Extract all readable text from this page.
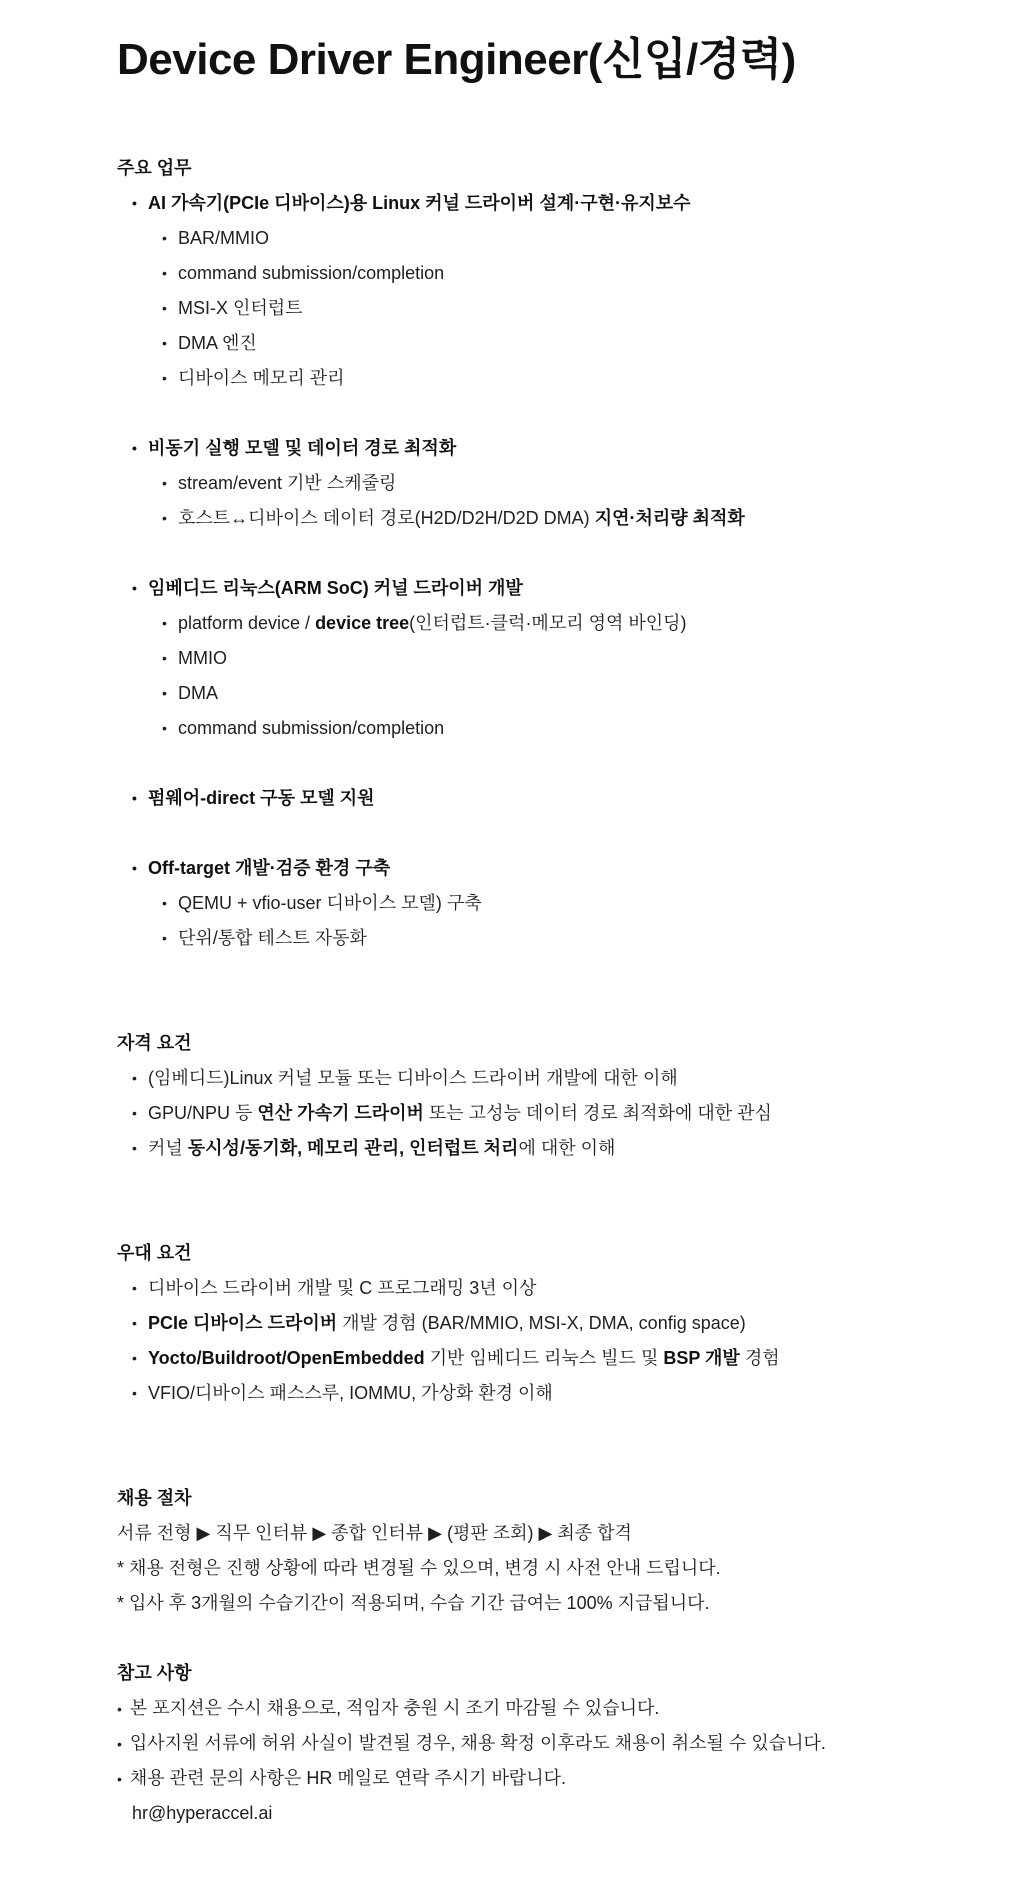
Device Driver Engineer(신입/경력)
주요 업무
• AI 가속기(PCIe 디바이스)용 Linux 커널 드라이버 설계·구현·유지보수
• BAR/MMIO
• command submission/completion
• MSI-X 인터럽트
• DMA 엔진
• 디바이스 메모리 관리
• 비동기 실행 모델 및 데이터 경로 최적화
• stream/event 기반 스케줄링
• 호스트↔디바이스 데이터 경로(H2D/D2H/D2D DMA) 지연·처리량 최적화
• 임베디드 리눅스(ARM SoC) 커널 드라이버 개발
• platform device / device tree(인터럽트·클럭·메모리 영역 바인딩)
• MMIO
• DMA
• command submission/completion
• 펌웨어-direct 구동 모델 지원
• Off-target 개발·검증 환경 구축
• QEMU + vfio-user 디바이스 모델) 구축
• 단위/통합 테스트 자동화
자격 요건
• (임베디드)Linux 커널 모듈 또는 디바이스 드라이버 개발에 대한 이해
• GPU/NPU 등 연산 가속기 드라이버 또는 고성능 데이터 경로 최적화에 대한 관심
• 커널 동시성/동기화, 메모리 관리, 인터럽트 처리에 대한 이해
우대 요건
• 디바이스 드라이버 개발 및 C 프로그래밍 3년 이상
• PCIe 디바이스 드라이버 개발 경험 (BAR/MMIO, MSI-X, DMA, config space)
• Yocto/Buildroot/OpenEmbedded 기반 임베디드 리눅스 빌드 및 BSP 개발 경험
• VFIO/디바이스 패스스루, IOMMU, 가상화 환경 이해
채용 절차
서류 전형 ▶ 직무 인터뷰 ▶ 종합 인터뷰 ▶ (평판 조회) ▶ 최종 합격
* 채용 전형은 진행 상황에 따라 변경될 수 있으며, 변경 시 사전 안내 드립니다.
* 입사 후 3개월의 수습기간이 적용되며, 수습 기간 급여는 100% 지급됩니다.
참고 사항
• 본 포지션은 수시 채용으로, 적임자 충원 시 조기 마감될 수 있습니다.
• 입사지원 서류에 허위 사실이 발견될 경우, 채용 확정 이후라도 채용이 취소될 수 있습니다.
• 채용 관련 문의 사항은 HR 메일로 연락 주시기 바랍니다.
hr@hyperaccel.ai
